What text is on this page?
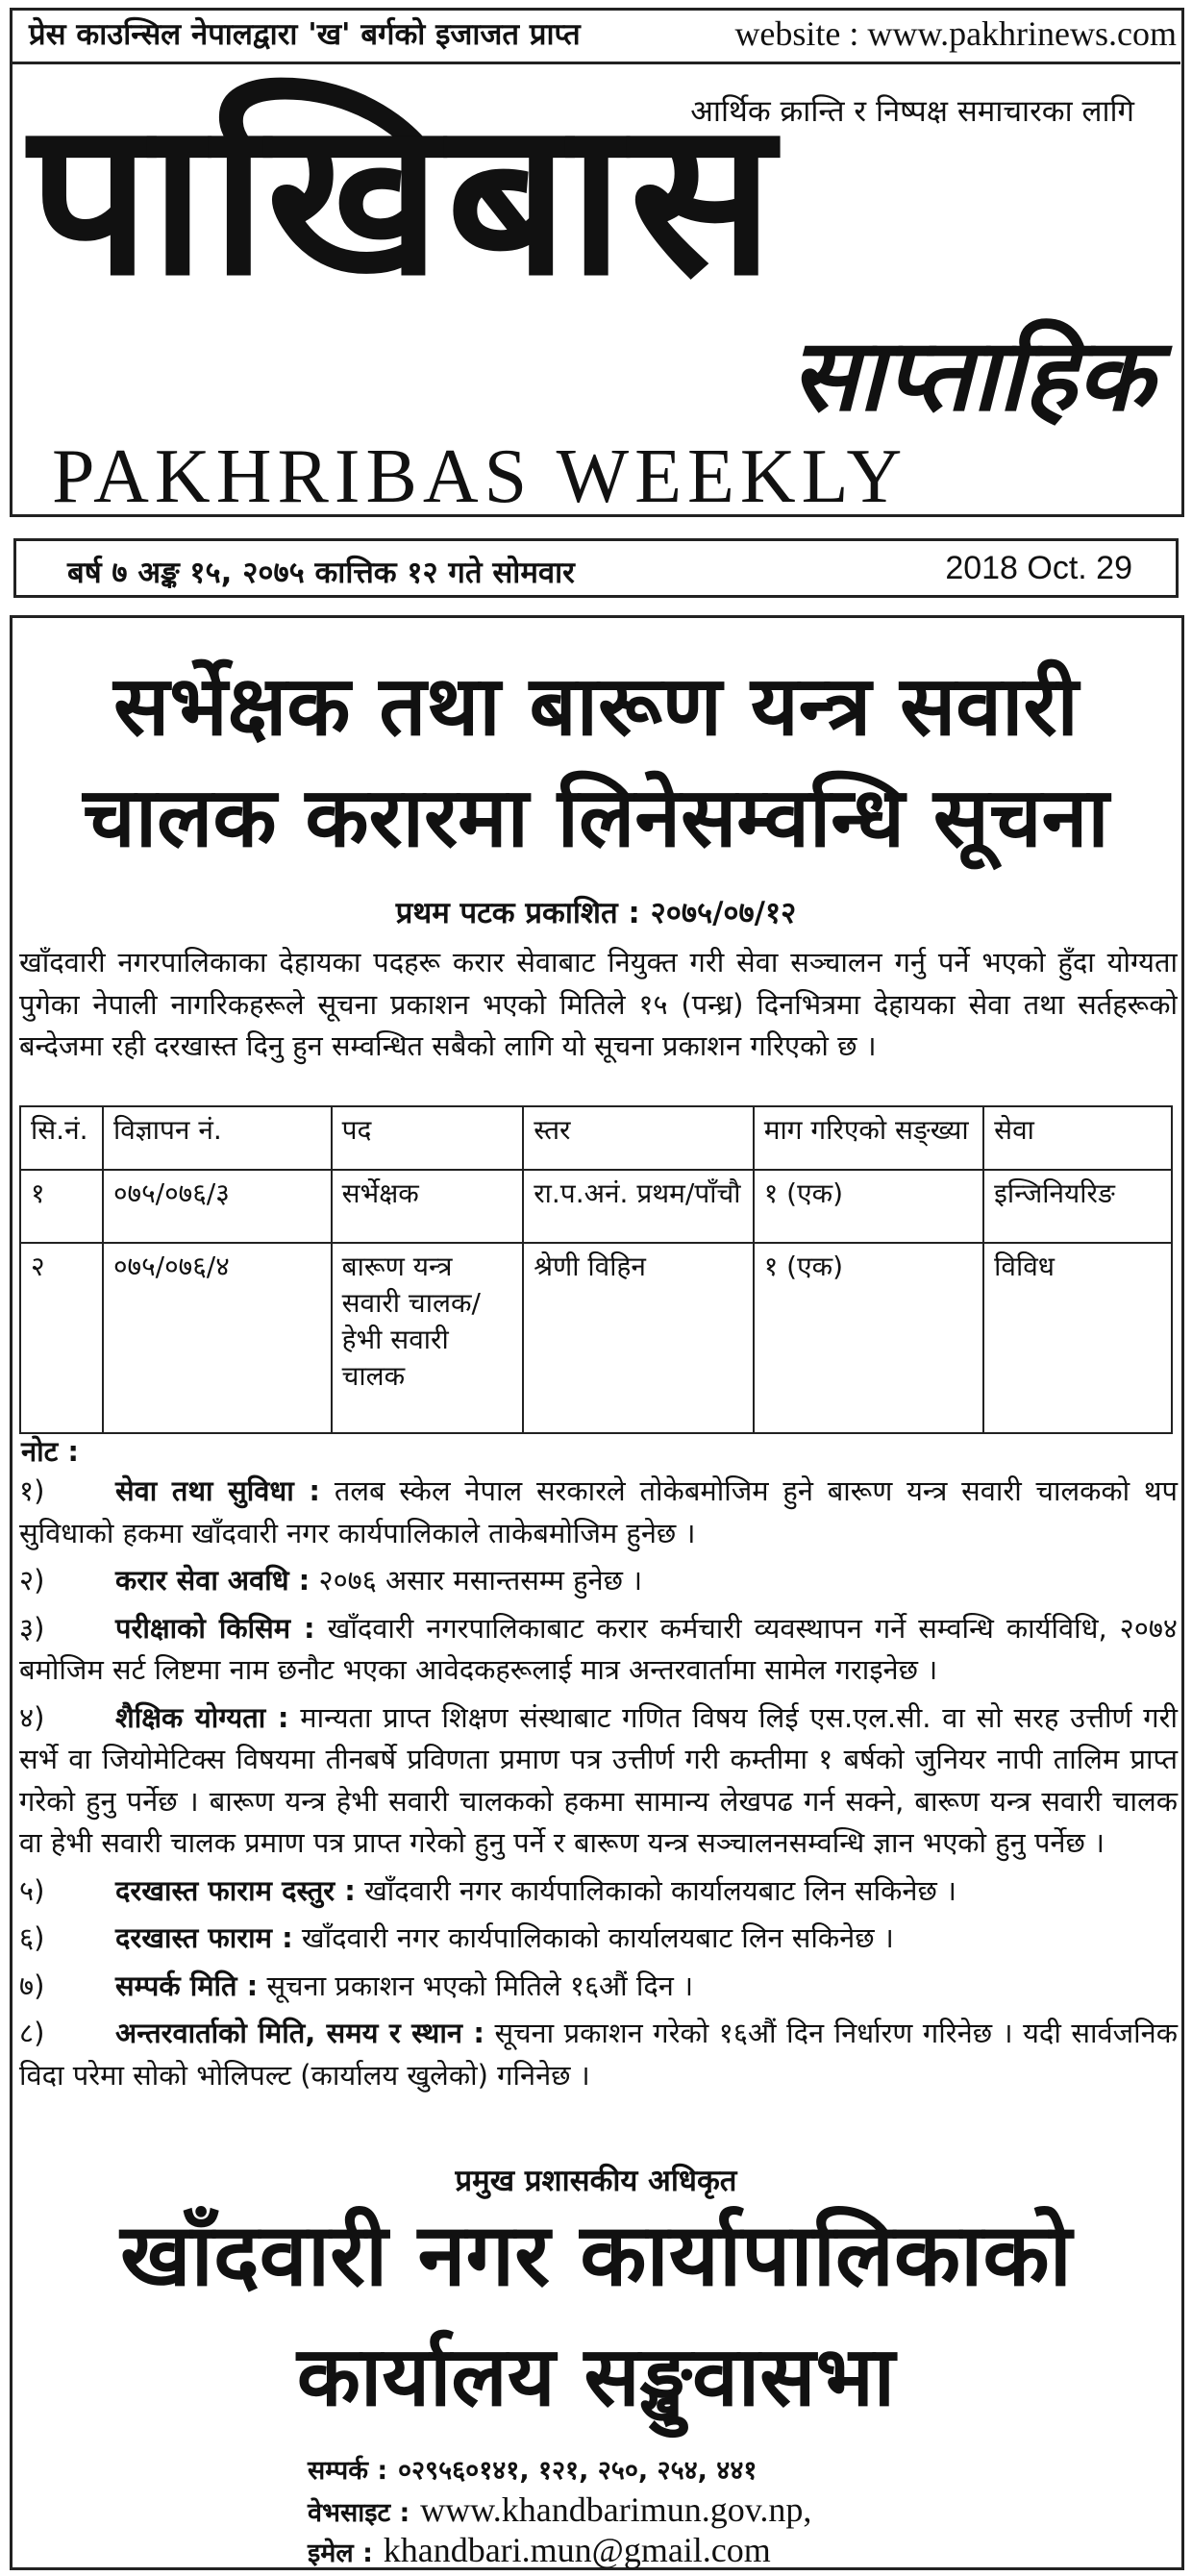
प्रेस काउन्सिल नेपालद्वारा 'ख' बर्गको इजाजत प्राप्त	website : www.pakhrinews.com
आर्थिक क्रान्ति र निष्पक्ष समाचारका लागि
पाखिबास
साप्ताहिक
PAKHRIBAS WEEKLY
बर्ष ७ अङ्क १५, २०७५ कात्तिक १२ गते सोमवार	2018 Oct. 29
सर्भेक्षक तथा बारूण यन्त्र सवारी
चालक करारमा लिनेसम्वन्धि सूचना
प्रथम पटक प्रकाशित : २०७५/०७/१२
खाँदवारी नगरपालिकाका देहायका पदहरू करार सेवाबाट नियुक्त गरी सेवा सञ्चालन गर्नु पर्ने भएको हुँदा योग्यता पुगेका नेपाली नागरिकहरूले सूचना प्रकाशन भएको मितिले १५ (पन्ध्र) दिनभित्रमा देहायका सेवा तथा सर्तहरूको बन्देजमा रही दरखास्त दिनु हुन सम्वन्धित सबैको लागि यो सूचना प्रकाशन गरिएको छ ।
सि.नं.	विज्ञापन नं.	पद	स्तर	माग गरिएको सङ्ख्या	सेवा
१	०७५/०७६/३	सर्भेक्षक	रा.प.अनं. प्रथम/पाँचौ	१ (एक)	इन्जिनियरिङ
२	०७५/०७६/४	बारूण यन्त्र सवारी चालक/ हेभी सवारी चालक	श्रेणी विहिन	१ (एक)	विविध
नोट :

१)	सेवा तथा सुविधा : तलब स्केल नेपाल सरकारले तोकेबमोजिम हुने बारूण यन्त्र सवारी चालकको थप सुविधाको हकमा खाँदवारी नगर कार्यपालिकाले ताकेबमोजिम हुनेछ ।

२)	करार सेवा अवधि : २०७६ असार मसान्तसम्म हुनेछ ।

३)	परीक्षाको किसिम : खाँदवारी नगरपालिकाबाट करार कर्मचारी व्यवस्थापन गर्ने सम्वन्धि कार्यविधि, २०७४ बमोजिम सर्ट लिष्टमा नाम छनौट भएका आवेदकहरूलाई मात्र अन्तरवार्तामा सामेल गराइनेछ ।

४)	शैक्षिक योग्यता : मान्यता प्राप्त शिक्षण संस्थाबाट गणित विषय लिई एस.एल.सी. वा सो सरह उत्तीर्ण गरी सर्भे वा जियोमेटिक्स विषयमा तीनबर्षे प्रविणता प्रमाण पत्र उत्तीर्ण गरी कम्तीमा १ बर्षको जुनियर नापी तालिम प्राप्त गरेको हुनु पर्नेछ । बारूण यन्त्र हेभी सवारी चालकको हकमा सामान्य लेखपढ गर्न सक्ने, बारूण यन्त्र सवारी चालक वा हेभी सवारी चालक प्रमाण पत्र प्राप्त गरेको हुनु पर्ने र बारूण यन्त्र सञ्चालनसम्वन्धि ज्ञान भएको हुनु पर्नेछ ।

५)	दरखास्त फाराम दस्तुर : खाँदवारी नगर कार्यपालिकाको कार्यालयबाट लिन सकिनेछ ।

६)	दरखास्त फाराम : खाँदवारी नगर कार्यपालिकाको कार्यालयबाट लिन सकिनेछ ।

७)	सम्पर्क मिति : सूचना प्रकाशन भएको मितिले १६औं दिन ।

८)	अन्तरवार्ताको मिति, समय र स्थान : सूचना प्रकाशन गरेको १६औं दिन निर्धारण गरिनेछ । यदी सार्वजनिक विदा परेमा सोको भोलिपल्ट (कार्यालय खुलेको) गनिनेछ ।

प्रमुख प्रशासकीय अधिकृत
खाँदवारी नगर कार्यापालिकाको
कार्यालय सङ्खुवासभा
सम्पर्क : ०२९५६०१४१, १२१, २५०, २५४, ४४१
वेभसाइट : www.khandbarimun.gov.np,
इमेल : khandbari.mun@gmail.com
